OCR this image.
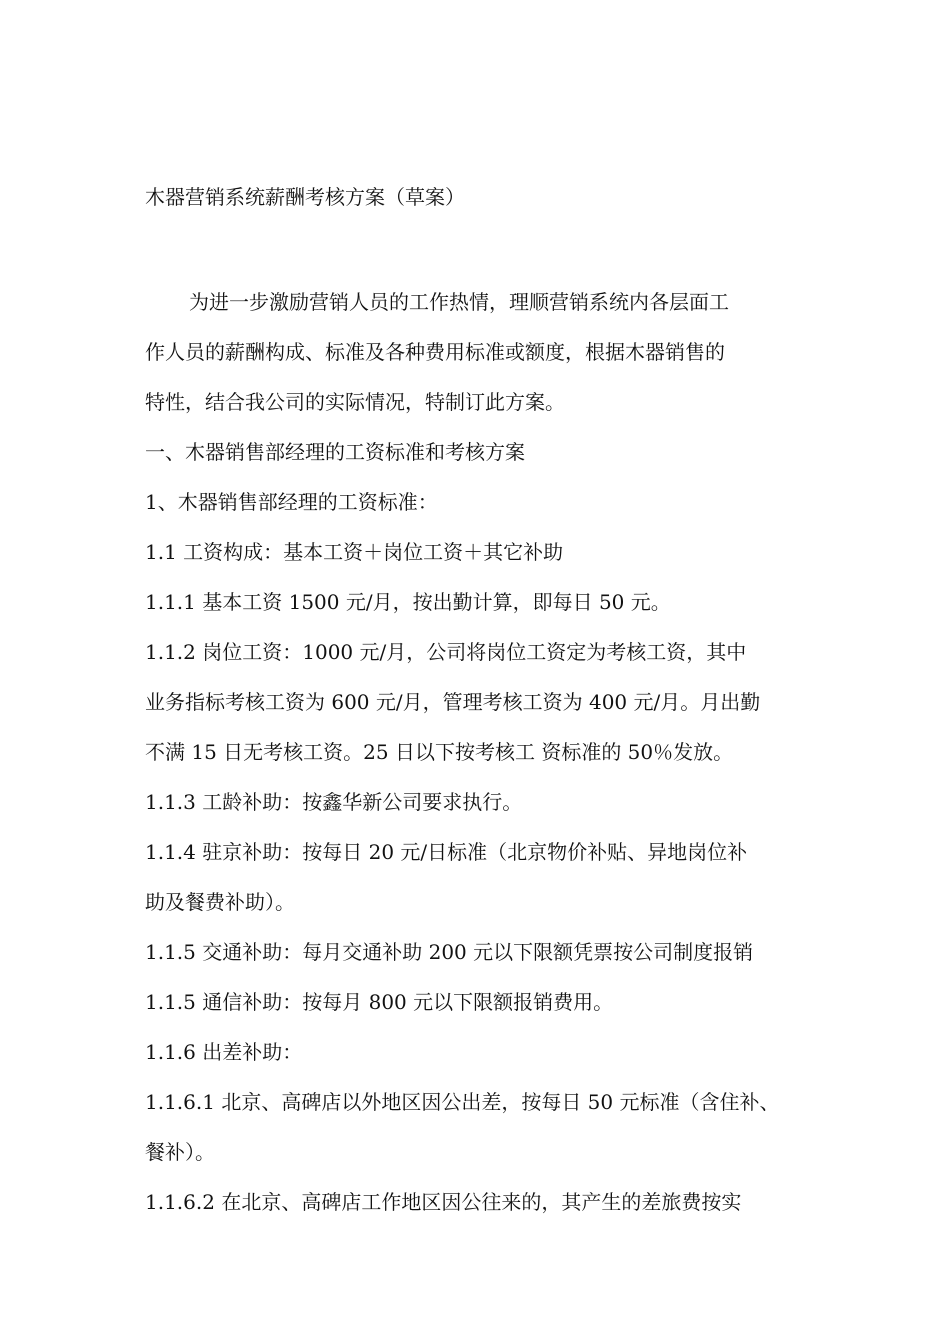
木器营销系统薪酬考核方案（草案）
为进一步激励营销人员的工作热情，理顺营销系统内各层面工
作人员的薪酬构成、标准及各种费用标准或额度，根据木器销售的
特性，结合我公司的实际情况，特制订此方案。
一、木器销售部经理的工资标准和考核方案
1、木器销售部经理的工资标准：
1.1 工资构成：基本工资＋岗位工资＋其它补助
1.1.1 基本工资 1500 元/月，按出勤计算，即每日 50 元。
1.1.2 岗位工资：1000 元/月，公司将岗位工资定为考核工资，其中
业务指标考核工资为 600 元/月，管理考核工资为 400 元/月。月出勤
不满 15 日无考核工资。25 日以下按考核工 资标准的 50％发放。
1.1.3 工龄补助：按鑫华新公司要求执行。
1.1.4 驻京补助：按每日 20 元/日标准（北京物价补贴、异地岗位补
助及餐费补助）。
1.1.5 交通补助：每月交通补助 200 元以下限额凭票按公司制度报销
1.1.5 通信补助：按每月 800 元以下限额报销费用。
1.1.6 出差补助：
1.1.6.1 北京、高碑店以外地区因公出差，按每日 50 元标准（含住补、
餐补）。
1.1.6.2 在北京、高碑店工作地区因公往来的，其产生的差旅费按实
